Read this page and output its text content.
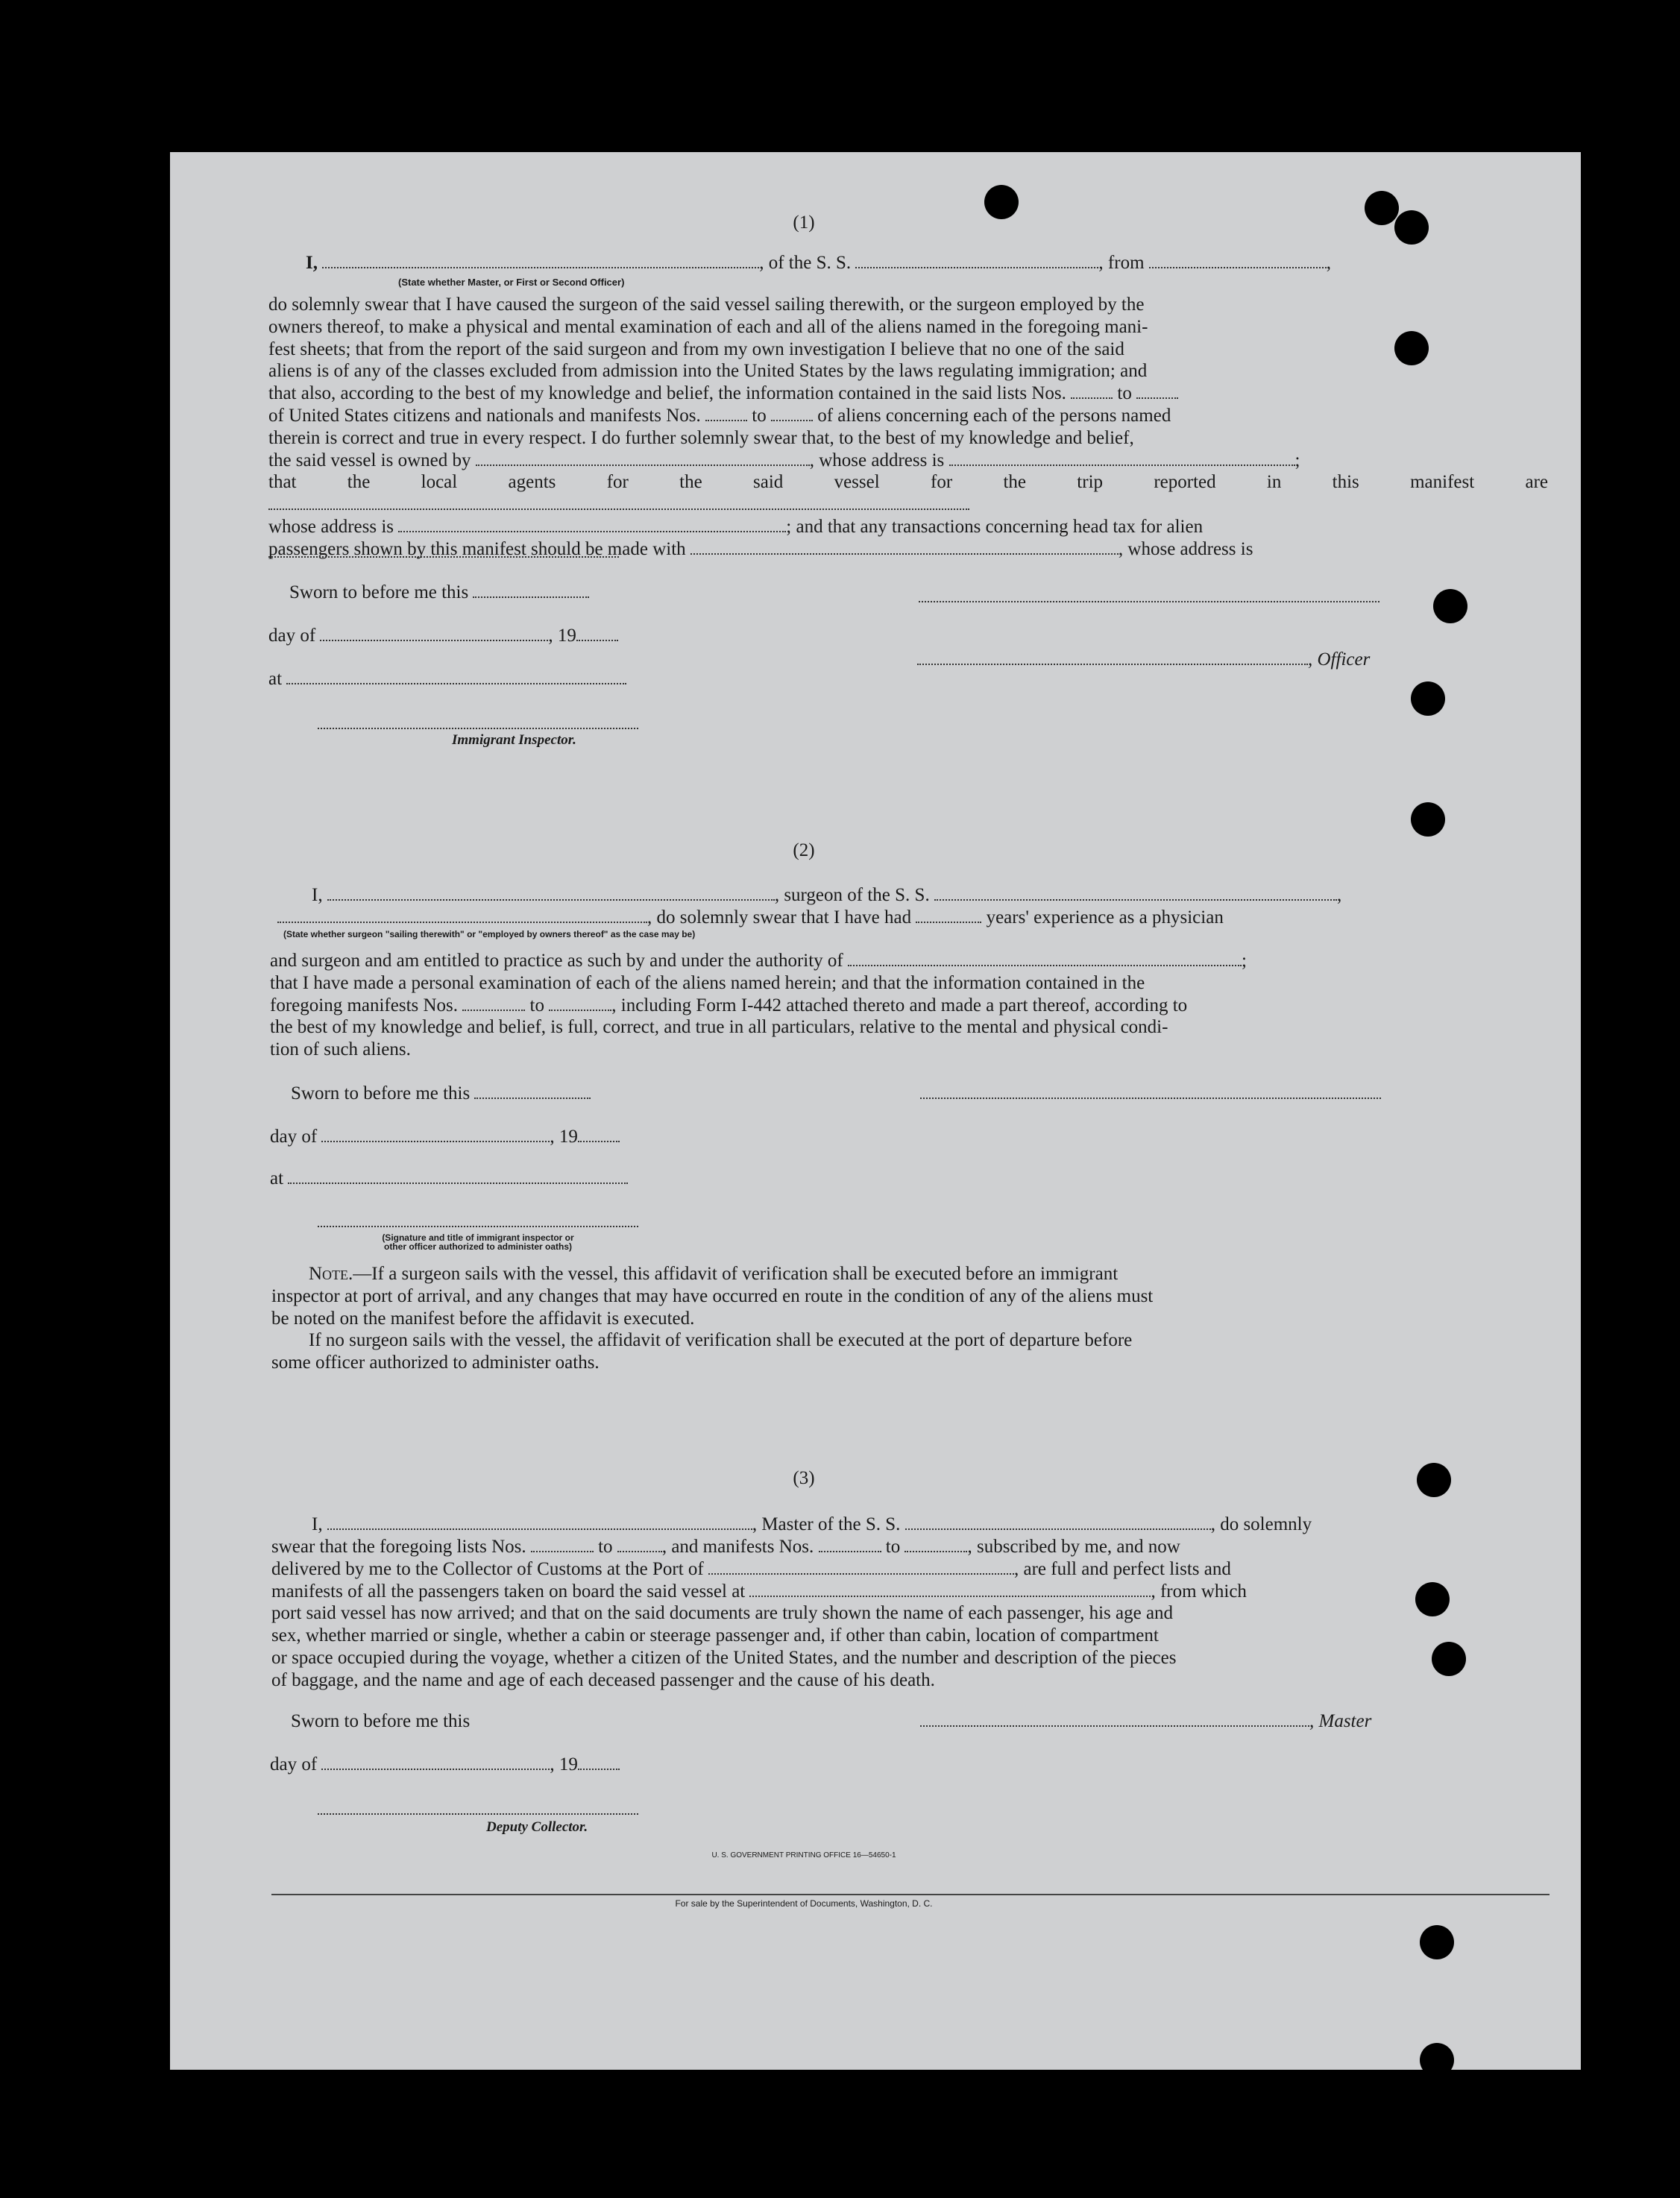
(1)
I,	, of the S. S.	, from	,
(State whether Master, or First or Second Officer)
do solemnly swear that I have caused the surgeon of the said vessel sailing therewith, or the surgeon employed by the
owners thereof, to make a physical and mental examination of each and all of the aliens named in the foregoing mani-
fest sheets; that from the report of the said surgeon and from my own investigation I believe that no one of the said
aliens is of any of the classes excluded from admission into the United States by the laws regulating immigration; and
that also, according to the best of my knowledge and belief, the information contained in the said lists Nos.	to
of United States citizens and nationals and manifests Nos.	to	of aliens concerning each of the persons named
therein is correct and true in every respect. I do further solemnly swear that, to the best of my knowledge and belief,
the said vessel is owned by	, whose address is	;
that the local agents for the said vessel for the trip reported in this manifest are
whose address is	; and that any transactions concerning head tax for alien
passengers shown by this manifest should be made with	, whose address is
Sworn to before me this
day of	, 19
, Officer
at
Immigrant Inspector.
(2)
I,	, surgeon of the S. S.	,
, do solemnly swear that I have had	years' experience as a physician
(State whether surgeon "sailing therewith" or "employed by owners thereof" as the case may be)
and surgeon and am entitled to practice as such by and under the authority of	;
that I have made a personal examination of each of the aliens named herein; and that the information contained in the
foregoing manifests Nos.	to	, including Form I-442 attached thereto and made a part thereof, according to
the best of my knowledge and belief, is full, correct, and true in all particulars, relative to the mental and physical condi-
tion of such aliens.
Sworn to before me this
day of	, 19
at
(Signature and title of immigrant inspector or
other officer authorized to administer oaths)
Note.—If a surgeon sails with the vessel, this affidavit of verification shall be executed before an immigrant
inspector at port of arrival, and any changes that may have occurred en route in the condition of any of the aliens must
be noted on the manifest before the affidavit is executed.
If no surgeon sails with the vessel, the affidavit of verification shall be executed at the port of departure before
some officer authorized to administer oaths.
(3)
I,	, Master of the S. S.	, do solemnly
swear that the foregoing lists Nos.	to	, and manifests Nos.	to	, subscribed by me, and now
delivered by me to the Collector of Customs at the Port of	, are full and perfect lists and
manifests of all the passengers taken on board the said vessel at	, from which
port said vessel has now arrived; and that on the said documents are truly shown the name of each passenger, his age and
sex, whether married or single, whether a cabin or steerage passenger and, if other than cabin, location of compartment
or space occupied during the voyage, whether a citizen of the United States, and the number and description of the pieces
of baggage, and the name and age of each deceased passenger and the cause of his death.
Sworn to before me this	, Master
day of	, 19
Deputy Collector.
U. S. GOVERNMENT PRINTING OFFICE 16—54650-1
For sale by the Superintendent of Documents, Washington, D. C.
